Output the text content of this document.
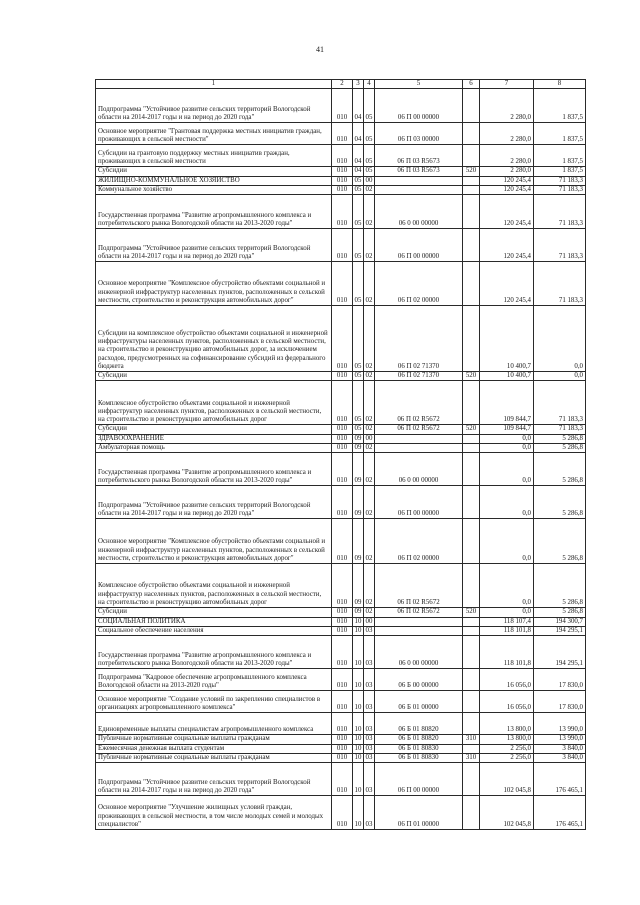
41
1	2	3	4	5	6	7	8
Подпрограмма "Устойчивое развитие сельских территорий Вологодской области на 2014-2017 годы и на период до 2020 года"	010	04	05	06 П 00 00000		2 280,0	1 837,5
Основное мероприятие "Грантовая поддержка местных инициатив граждан, проживающих в сельской местности"	010	04	05	06 П 03 00000		2 280,0	1 837,5
Субсидии на грантовую поддержку местных инициатив граждан, проживающих в сельской местности	010	04	05	06 П 03 R5673		2 280,0	1 837,5
Субсидии	010	04	05	06 П 03 R5673	520	2 280,0	1 837,5
ЖИЛИЩНО-КОММУНАЛЬНОЕ ХОЗЯЙСТВО	010	05	00			120 245,4	71 183,3
Коммунальное хозяйство	010	05	02			120 245,4	71 183,3
Государственная программа "Развитие агропромышленного комплекса и потребительского рынка Вологодской области на 2013-2020 годы"	010	05	02	06 0 00 00000		120 245,4	71 183,3
Подпрограмма "Устойчивое развитие сельских территорий Вологодской области на 2014-2017 годы и на период до 2020 года"	010	05	02	06 П 00 00000		120 245,4	71 183,3
Основное мероприятие "Комплексное обустройство объектами социальной и инженерной инфраструктур населенных пунктов, расположенных в сельской местности, строительство и реконструкция автомобильных дорог"	010	05	02	06 П 02 00000		120 245,4	71 183,3
Субсидии на комплексное обустройство объектами социальной и инженерной инфраструктуры населенных пунктов, расположенных в сельской местности, на строительство и реконструкцию автомобильных дорог, за исключением расходов, предусмотренных на софинансирование субсидий из федерального бюджета	010	05	02	06 П 02 71370		10 400,7	0,0
Субсидии	010	05	02	06 П 02 71370	520	10 400,7	0,0
Комплексное обустройство объектами социальной и инженерной инфраструктур населенных пунктов, расположенных в сельской местности, на строительство и реконструкцию автомобильных дорог	010	05	02	06 П 02 R5672		109 844,7	71 183,3
Субсидии	010	05	02	06 П 02 R5672	520	109 844,7	71 183,3
ЗДРАВООХРАНЕНИЕ	010	09	00			0,0	5 286,8
Амбулаторная помощь	010	09	02			0,0	5 286,8
Государственная программа "Развитие агропромышленного комплекса и потребительского рынка Вологодской области на 2013-2020 годы"	010	09	02	06 0 00 00000		0,0	5 286,8
Подпрограмма "Устойчивое развитие сельских территорий Вологодской области на 2014-2017 годы и на период до 2020 года"	010	09	02	06 П 00 00000		0,0	5 286,8
Основное мероприятие "Комплексное обустройство объектами социальной и инженерной инфраструктур населенных пунктов, расположенных в сельской местности, строительство и реконструкция автомобильных дорог"	010	09	02	06 П 02 00000		0,0	5 286,8
Комплексное обустройство объектами социальной и инженерной инфраструктур населенных пунктов, расположенных в сельской местности, на строительство и реконструкцию автомобильных дорог	010	09	02	06 П 02 R5672		0,0	5 286,8
Субсидии	010	09	02	06 П 02 R5672	520	0,0	5 286,8
СОЦИАЛЬНАЯ ПОЛИТИКА	010	10	00			118 107,4	194 300,7
Социальное обеспечение населения	010	10	03			118 101,8	194 295,1
Государственная программа "Развитие агропромышленного комплекса и потребительского рынка Вологодской области на 2013-2020 годы"	010	10	03	06 0 00 00000		118 101,8	194 295,1
Подпрограмма "Кадровое обеспечение агропромышленного комплекса Вологодской области на 2013-2020 годы"	010	10	03	06 Б 00 00000		16 056,0	17 830,0
Основное мероприятие "Создание условий по закреплению специалистов в организациях агропромышленного комплекса"	010	10	03	06 Б 01 00000		16 056,0	17 830,0
Единовременные выплаты специалистам агропромышленного комплекса	010	10	03	06 Б 01 80820		13 800,0	13 990,0
Публичные нормативные социальные выплаты гражданам	010	10	03	06 Б 01 80820	310	13 800,0	13 990,0
Ежемесячная денежная выплата студентам	010	10	03	06 Б 01 80830		2 256,0	3 840,0
Публичные нормативные социальные выплаты гражданам	010	10	03	06 Б 01 80830	310	2 256,0	3 840,0
Подпрограмма "Устойчивое развитие сельских территорий Вологодской области на 2014-2017 годы и на период до 2020 года"	010	10	03	06 П 00 00000		102 045,8	176 465,1
Основное мероприятие "Улучшение жилищных условий граждан, проживающих в сельской местности, в том числе молодых семей и молодых специалистов"	010	10	03	06 П 01 00000		102 045,8	176 465,1
